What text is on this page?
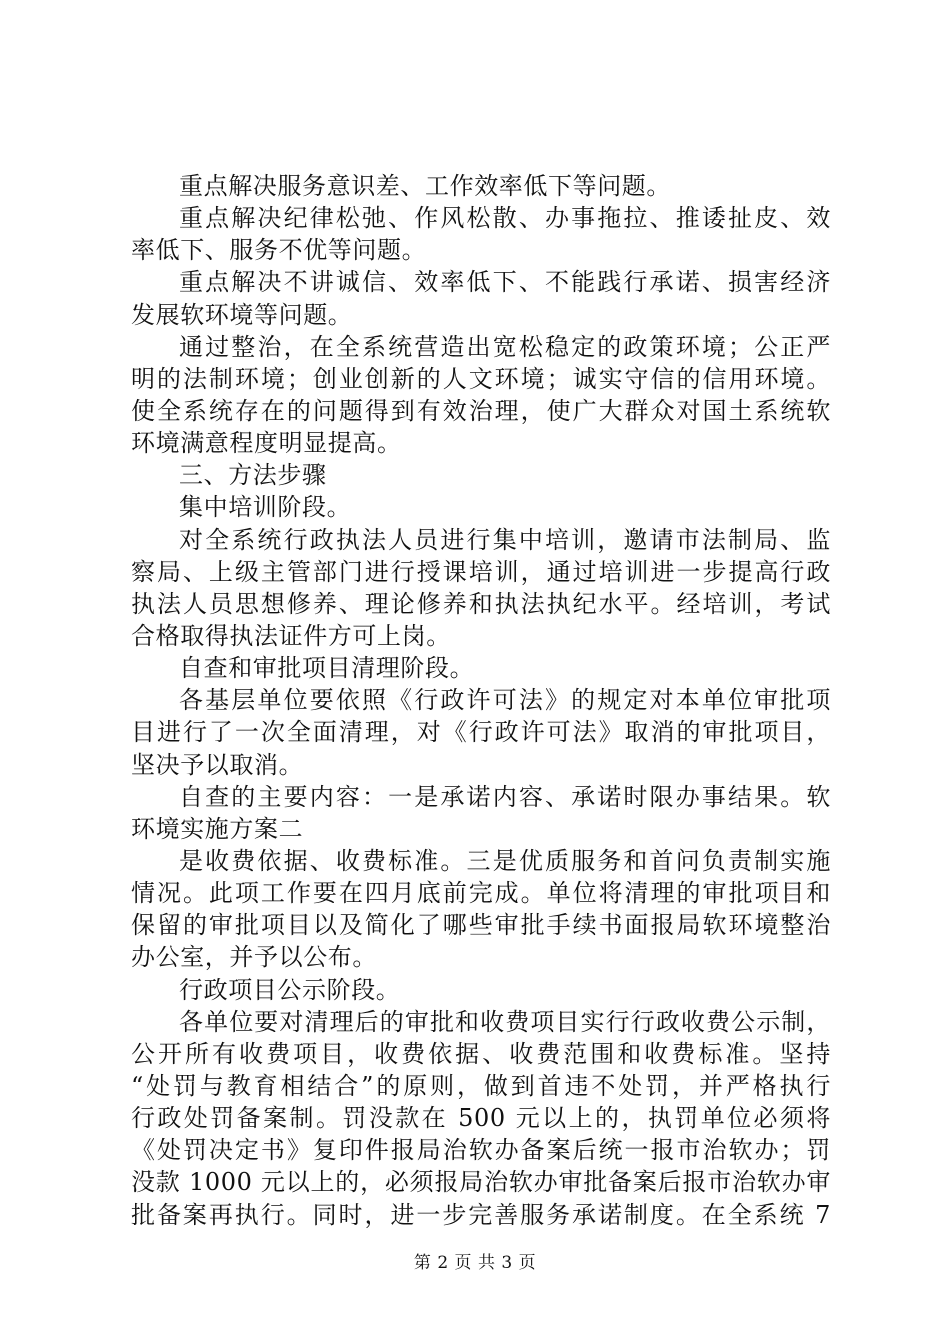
重点解决服务意识差、工作效率低下等问题。
重点解决纪律松弛、作风松散、办事拖拉、推诿扯皮、效
率低下、服务不优等问题。
重点解决不讲诚信、效率低下、不能践行承诺、损害经济
发展软环境等问题。
通过整治，在全系统营造出宽松稳定的政策环境；公正严
明的法制环境；创业创新的人文环境；诚实守信的信用环境。
使全系统存在的问题得到有效治理，使广大群众对国土系统软
环境满意程度明显提高。
三、方法步骤
集中培训阶段。
对全系统行政执法人员进行集中培训，邀请市法制局、监
察局、上级主管部门进行授课培训，通过培训进一步提高行政
执法人员思想修养、理论修养和执法执纪水平。经培训，考试
合格取得执法证件方可上岗。
自查和审批项目清理阶段。
各基层单位要依照《行政许可法》的规定对本单位审批项
目进行了一次全面清理，对《行政许可法》取消的审批项目，
坚决予以取消。
自查的主要内容：一是承诺内容、承诺时限办事结果。软
环境实施方案二
是收费依据、收费标准。三是优质服务和首问负责制实施
情况。此项工作要在四月底前完成。单位将清理的审批项目和
保留的审批项目以及简化了哪些审批手续书面报局软环境整治
办公室，并予以公布。
行政项目公示阶段。
各单位要对清理后的审批和收费项目实行行政收费公示制，
公开所有收费项目，收费依据、收费范围和收费标准。坚持
“处罚与教育相结合”的原则，做到首违不处罚，并严格执行
行政处罚备案制。罚没款在 500 元以上的，执罚单位必须将
《处罚决定书》复印件报局治软办备案后统一报市治软办；罚
没款 1000 元以上的，必须报局治软办审批备案后报市治软办审
批备案再执行。同时，进一步完善服务承诺制度。在全系统 7
第 2 页 共 3 页
